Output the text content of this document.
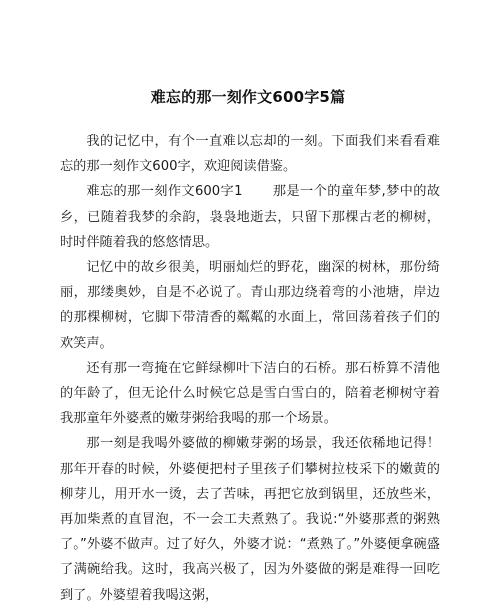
难忘的那一刻作文600字5篇

我的记忆中，有个一直难以忘却的一刻。下面我们来看看难忘的那一刻作文600字，欢迎阅读借鉴。

难忘的那一刻作文600字1 那是一个的童年梦,梦中的故乡，已随着我梦的余韵，袅袅地逝去，只留下那棵古老的柳树，时时伴随着我的悠悠情思。

记忆中的故乡很美，明丽灿烂的野花，幽深的树林，那份绮丽，那缕奥妙，自是不必说了。青山那边绕着弯的小池塘，岸边的那棵柳树，它脚下带清香的粼粼的水面上，常回荡着孩子们的欢笑声。

还有那一弯掩在它鲜绿柳叶下洁白的石桥。那石桥算不清他的年龄了，但无论什么时候它总是雪白雪白的，陪着老柳树守着我那童年外婆煮的嫩芽粥给我喝的那一个场景。

那一刻是我喝外婆做的柳嫩芽粥的场景，我还依稀地记得！那年开春的时候，外婆便把村子里孩子们攀树拉枝采下的嫩黄的柳芽儿，用开水一烫，去了苦味，再把它放到锅里，还放些米，再加柴煮的直冒泡，不一会工夫煮熟了。我说:“外婆那煮的粥熟了。”外婆不做声。过了好久，外婆才说：“煮熟了。”外婆便拿碗盛了满碗给我。这时，我高兴极了，因为外婆做的粥是难得一回吃到了。外婆望着我喝这粥，
